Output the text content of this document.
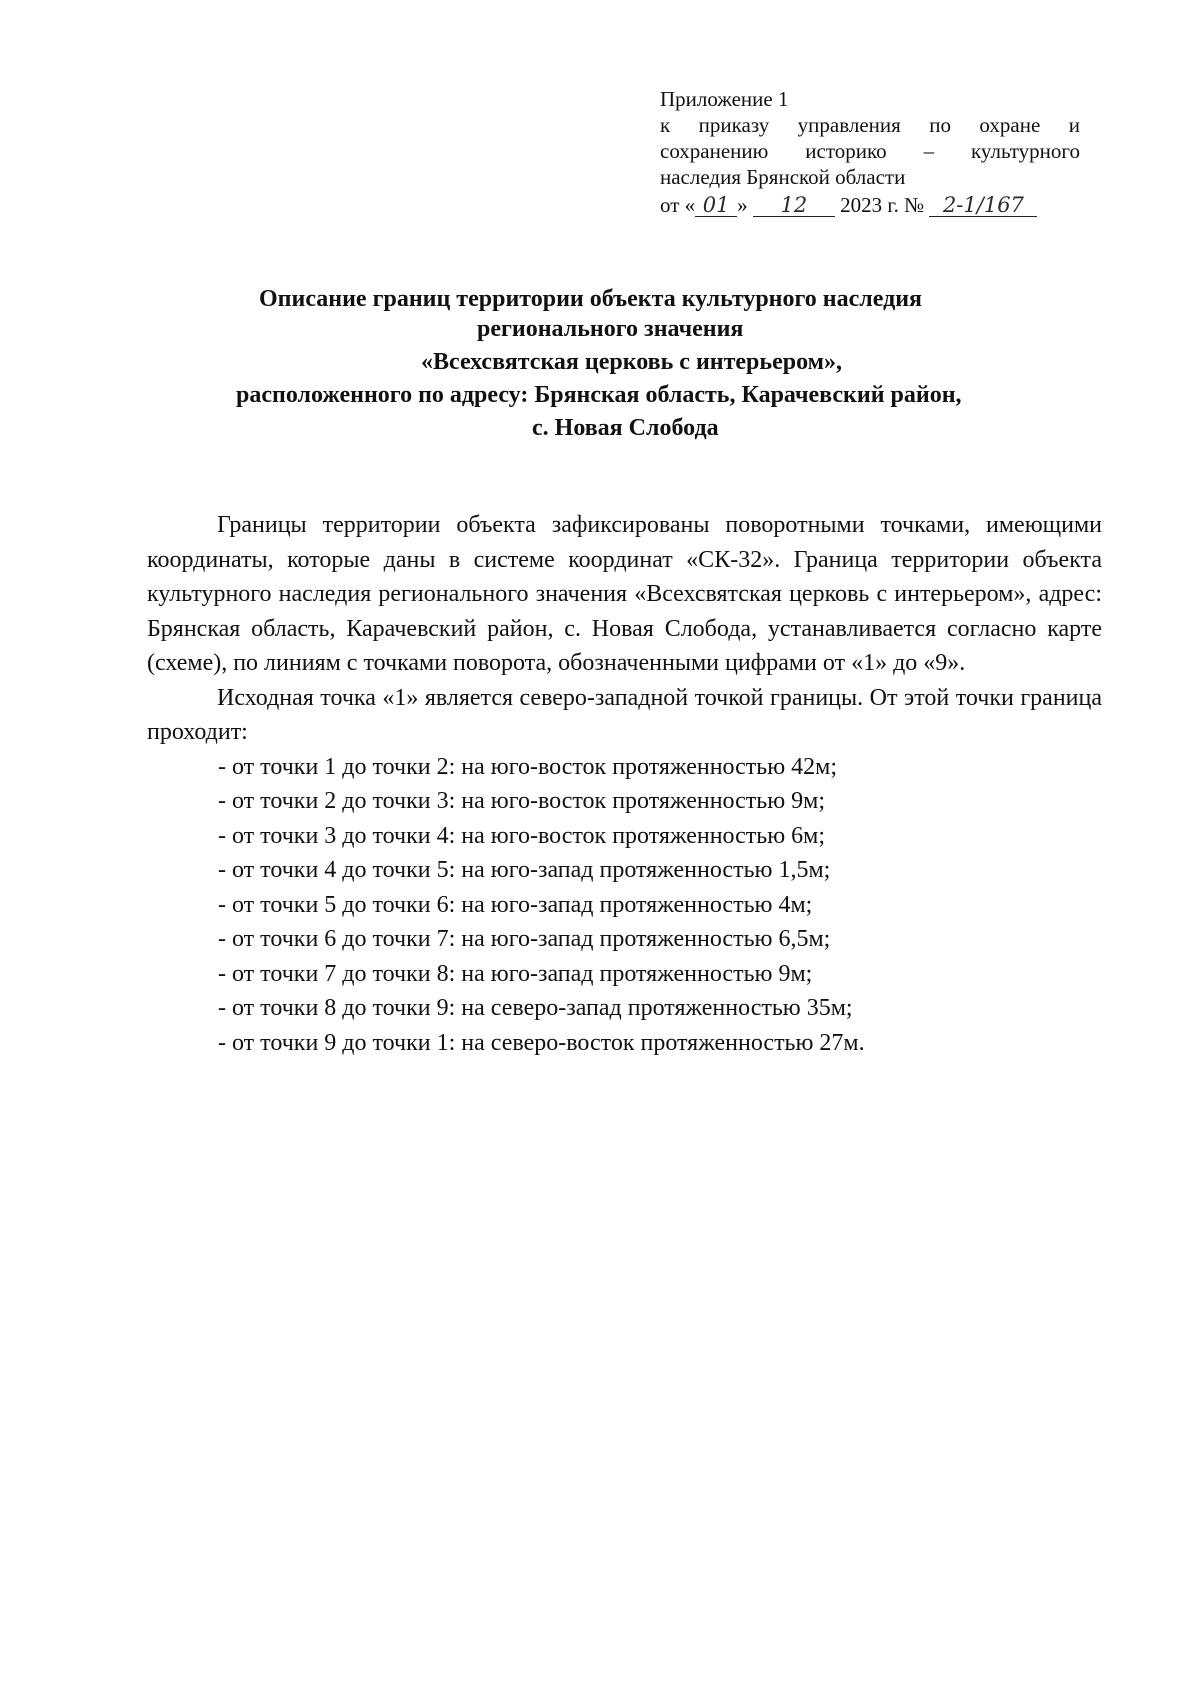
Приложение 1
к приказу управления по охране и
сохранению историко – культурного
наследия Брянской области
от « 01 » 12 2023 г. № 2-1/167
Описание границ территории объекта культурного наследия
регионального значения
«Всехсвятская церковь с интерьером»,
расположенного по адресу: Брянская область, Карачевский район,
с. Новая Слобода

Границы территории объекта зафиксированы поворотными точками, имеющими координаты, которые даны в системе координат «СК-32». Граница территории объекта культурного наследия регионального значения «Всехсвятская церковь с интерьером», адрес: Брянская область, Карачевский район, с. Новая Слобода, устанавливается согласно карте (схеме), по линиям с точками поворота, обозначенными цифрами от «1» до «9».

Исходная точка «1» является северо-западной точкой границы. От этой точки граница проходит:

- от точки 1 до точки 2: на юго-восток протяженностью 42м;
- от точки 2 до точки 3: на юго-восток протяженностью 9м;
- от точки 3 до точки 4: на юго-восток протяженностью 6м;
- от точки 4 до точки 5: на юго-запад протяженностью 1,5м;
- от точки 5 до точки 6: на юго-запад протяженностью 4м;
- от точки 6 до точки 7: на юго-запад протяженностью 6,5м;
- от точки 7 до точки 8: на юго-запад протяженностью 9м;
- от точки 8 до точки 9: на северо-запад протяженностью 35м;
- от точки 9 до точки 1: на северо-восток протяженностью 27м.
